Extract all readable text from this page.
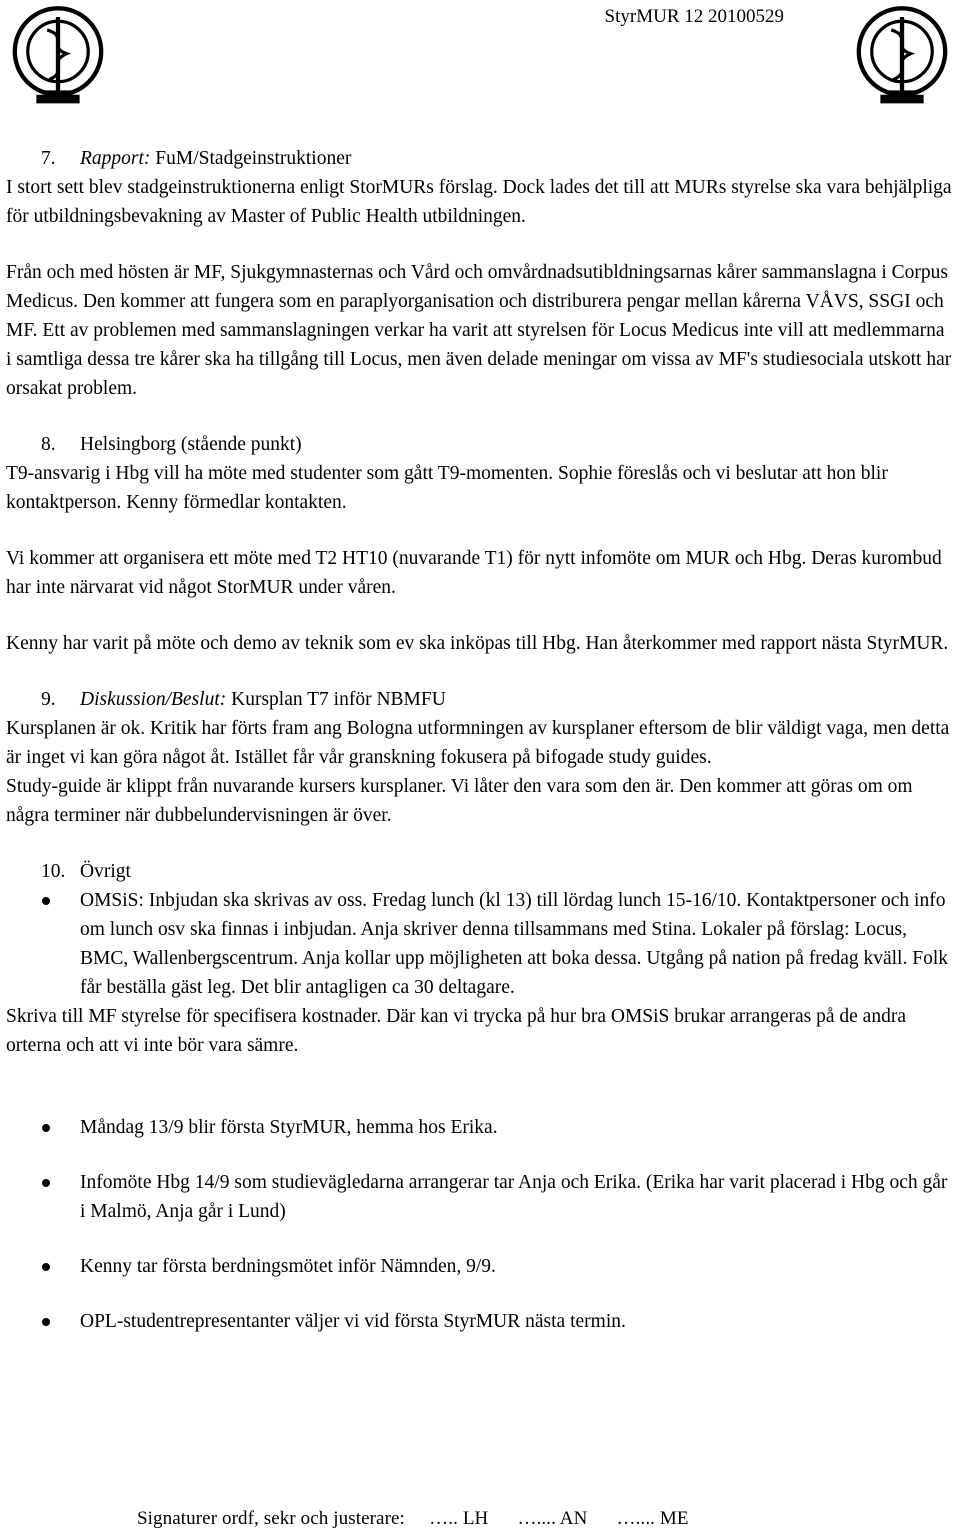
StyrMUR 12 20100529

7. Rapport: FuM/Stadgeinstruktioner

I stort sett blev stadgeinstruktionerna enligt StorMURs förslag. Dock lades det till att MURs styrelse ska vara behjälpliga för utbildningsbevakning av Master of Public Health utbildningen.

Från och med hösten är MF, Sjukgymnasternas och Vård och omvårdnadsutibldningsarnas kårer sammanslagna i Corpus Medicus. Den kommer att fungera som en paraplyorganisation och distriburera pengar mellan kårerna VÅVS, SSGI och MF. Ett av problemen med sammanslagningen verkar ha varit att styrelsen för Locus Medicus inte vill att medlemmarna i samtliga dessa tre kårer ska ha tillgång till Locus, men även delade meningar om vissa av MF's studiesociala utskott har orsakat problem.

8. Helsingborg (stående punkt)

T9-ansvarig i Hbg vill ha möte med studenter som gått T9-momenten. Sophie föreslås och vi beslutar att hon blir kontaktperson. Kenny förmedlar kontakten.

Vi kommer att organisera ett möte med T2 HT10 (nuvarande T1) för nytt infomöte om MUR och Hbg. Deras kurombud har inte närvarat vid något StorMUR under våren.

Kenny har varit på möte och demo av teknik som ev ska inköpas till Hbg. Han återkommer med rapport nästa StyrMUR.

9. Diskussion/Beslut: Kursplan T7 inför NBMFU

Kursplanen är ok. Kritik har förts fram ang Bologna utformningen av kursplaner eftersom de blir väldigt vaga, men detta är inget vi kan göra något åt. Istället får vår granskning fokusera på bifogade study guides.

Study-guide är klippt från nuvarande kursers kursplaner. Vi låter den vara som den är. Den kommer att göras om om några terminer när dubbelundervisningen är över.

10. Övrigt

OMSiS: Inbjudan ska skrivas av oss. Fredag lunch (kl 13) till lördag lunch 15-16/10. Kontaktpersoner och info om lunch osv ska finnas i inbjudan. Anja skriver denna tillsammans med Stina. Lokaler på förslag: Locus, BMC, Wallenbergscentrum. Anja kollar upp möjligheten att boka dessa. Utgång på nation på fredag kväll. Folk får beställa gäst leg. Det blir antagligen ca 30 deltagare.

Skriva till MF styrelse för specifisera kostnader. Där kan vi trycka på hur bra OMSiS brukar arrangeras på de andra orterna och att vi inte bör vara sämre.

Måndag 13/9 blir första StyrMUR, hemma hos Erika.

Infomöte Hbg 14/9 som studievägledarna arrangerar tar Anja och Erika. (Erika har varit placerad i Hbg och går i Malmö, Anja går i Lund)

Kenny tar första berdningsmötet inför Nämnden, 9/9.

OPL-studentrepresentanter väljer vi vid första StyrMUR nästa termin.

Signaturer ordf, sekr och justerare: ….. LH ….... AN ….... ME
